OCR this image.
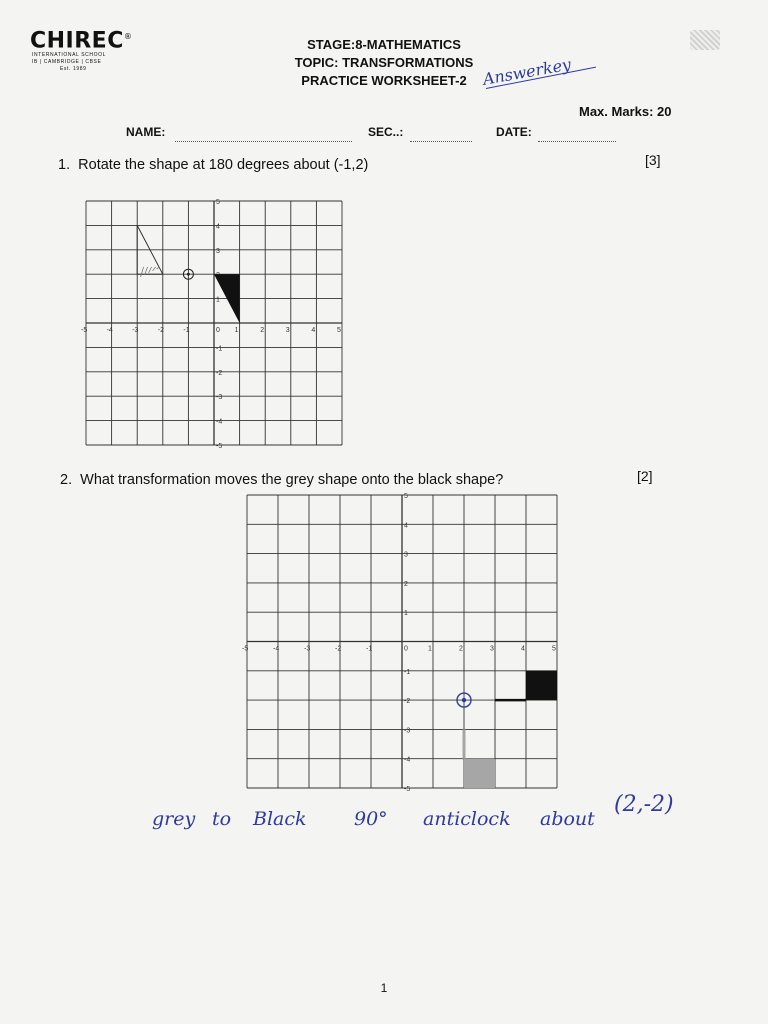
CHIREC®
INTERNATIONAL SCHOOL
IB | CAMBRIDGE | CBSE
Est. 1989
STAGE:8-MATHEMATICS
TOPIC: TRANSFORMATIONS
PRACTICE WORKSHEET-2 Answerkey
Max. Marks: 20
NAME:	SEC..:	DATE:
1. Rotate the shape at 180 degrees about (-1,2)	[3]
-5	-4	-3	-2	-1	0 1	2	3	4	5
5
4
3
1
-1
-2
-3
-4
-5
2. What transformation moves the grey shape onto the black shape?	[2]
-5	-4	-3	-2	-1	0	1	2	3	4	5
5
4
3
2
1
-1
-2
-3
-4
-5
grey to Black 90° anticlock about
(2,-2)
1
